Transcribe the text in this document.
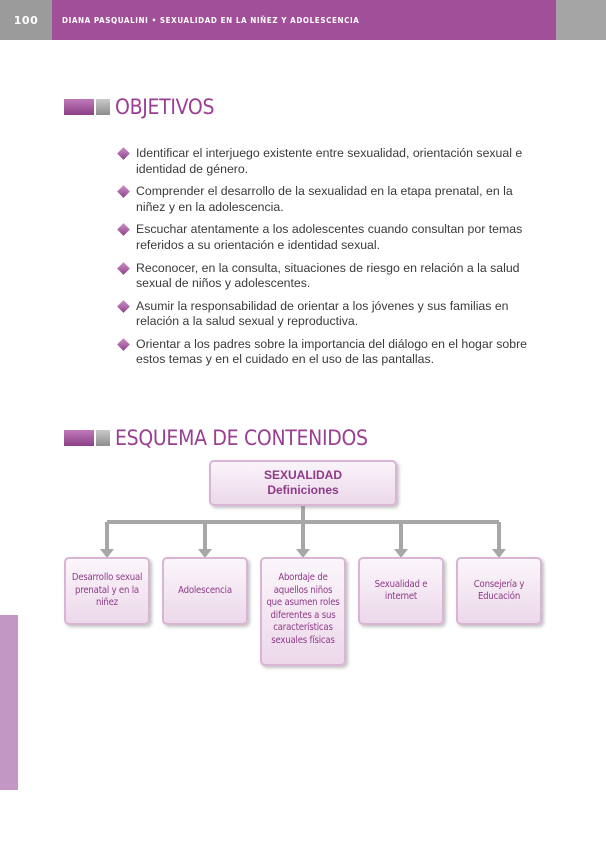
100	DIANA PASQUALINI • SEXUALIDAD EN LA NIÑEZ Y ADOLESCENCIA
OBJETIVOS
Identificar el interjuego existente entre sexualidad, orientación sexual e identidad de género.
Comprender el desarrollo de la sexualidad en la etapa prenatal, en la niñez y en la adolescencia.
Escuchar atentamente a los adolescentes cuando consultan por temas referidos a su orientación e identidad sexual.
Reconocer, en la consulta, situaciones de riesgo en relación a la salud sexual de niños y adolescentes.
Asumir la responsabilidad de orientar a los jóvenes y sus familias en relación a la salud sexual y reproductiva.
Orientar a los padres sobre la importancia del diálogo en el hogar sobre estos temas y en el cuidado en el uso de las pantallas.
ESQUEMA DE CONTENIDOS
SEXUALIDAD
Definiciones
Desarrollo sexual prenatal y en la niñez
Adolescencia
Abordaje de aquellos niños que asumen roles diferentes a sus características sexuales físicas
Sexualidad e internet
Consejería y Educación
